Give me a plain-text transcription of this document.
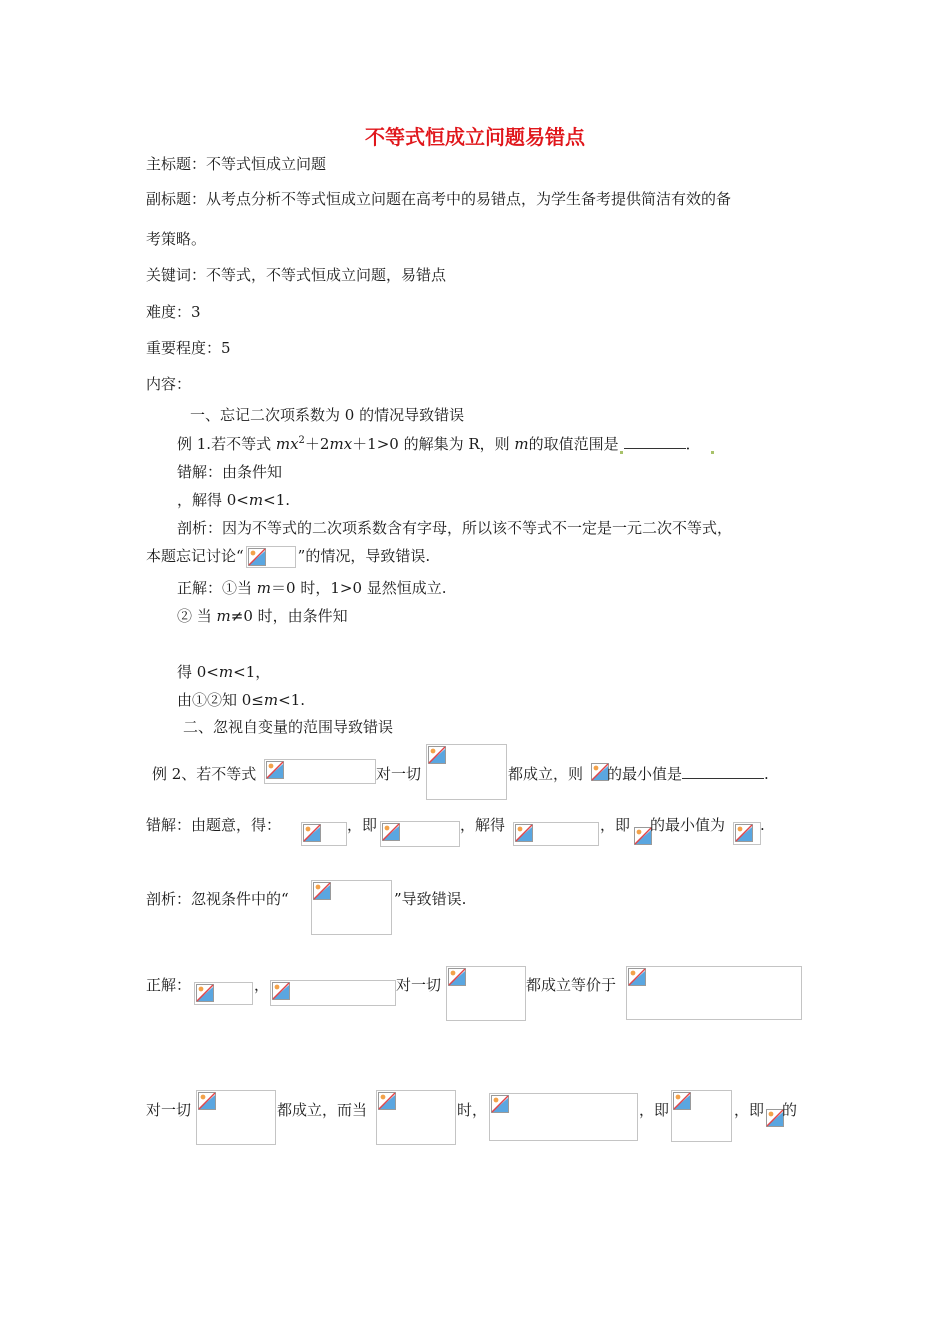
不等式恒成立问题易错点
主标题：不等式恒成立问题
副标题：从考点分析不等式恒成立问题在高考中的易错点，为学生备考提供简洁有效的备
考策略。
关键词：不等式，不等式恒成立问题，易错点
难度：3
重要程度：5
内容：
一、忘记二次项系数为 0 的情况导致错误
例 1.若不等式 $mx^2+2mx+1>0$ 的解集为 R，则 m的取值范围是	．
错解：由条件知
，解得 0<m<1.
剖析：因为不等式的二次项系数含有字母，所以该不等式不一定是一元二次不等式，
本题忘记讨论“	”的情况，导致错误.
正解：①当 m＝0 时，1>0 显然恒成立.
② 当 m≠0 时，由条件知
得 0<m<1，
由①②知 0≤m<1.
二、忽视自变量的范围导致错误
例 2、若不等式	对一切	都成立，则 的最小值是	.
错解：由题意，得：	，即	，解得	，即 的最小值为 .
剖析：忽视条件中的“	”导致错误.
正解：	，	对一切	都成立等价于
对一切	都成立，而当	时，	，即	，即 的
